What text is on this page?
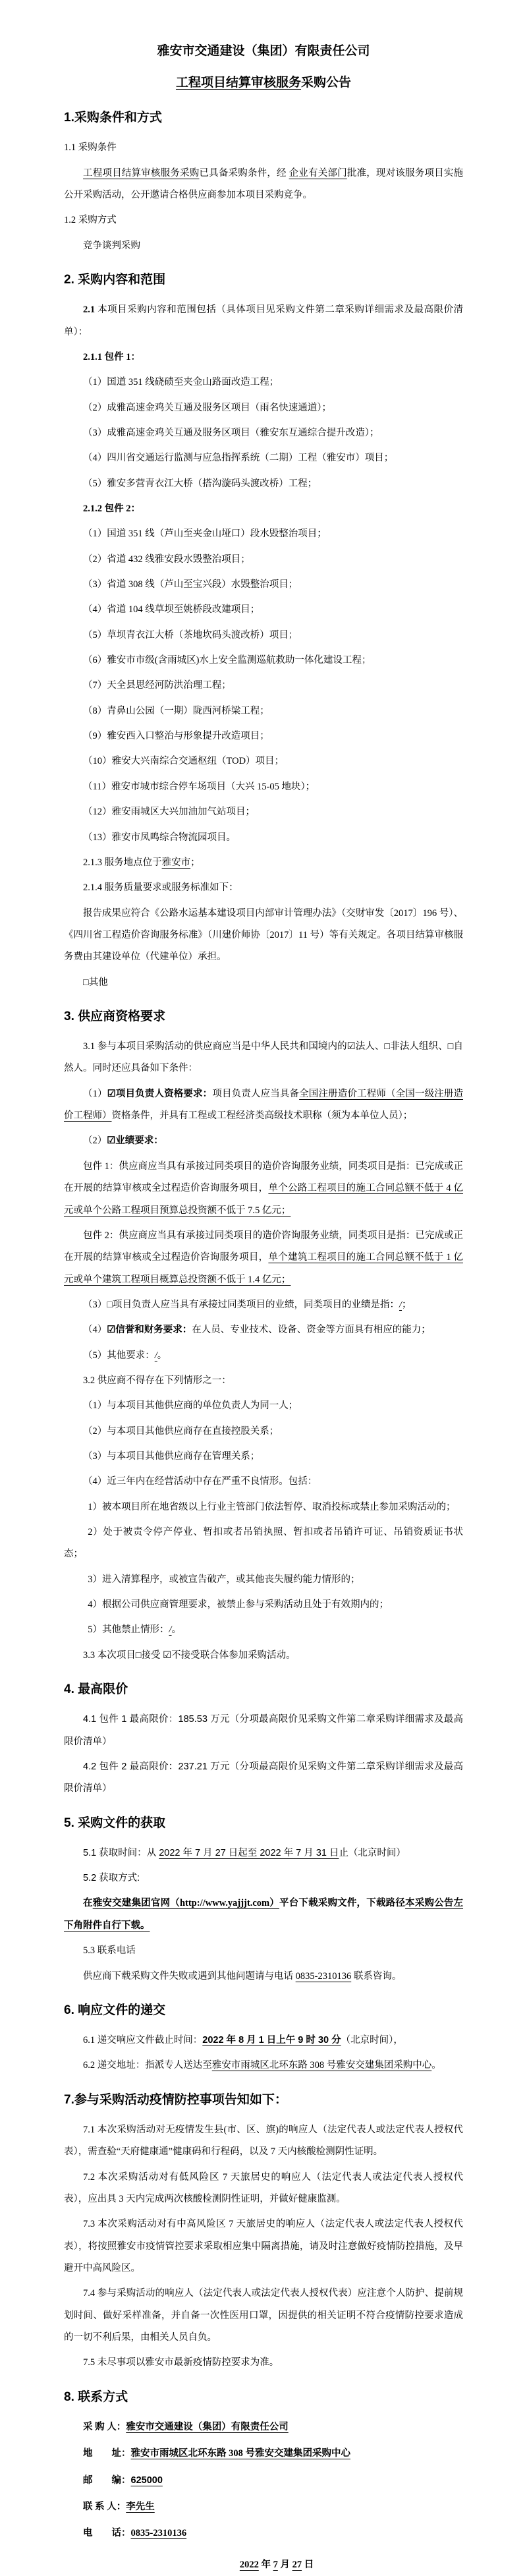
雅安市交通建设（集团）有限责任公司
工程项目结算审核服务采购公告
1.采购条件和方式

1.1 采购条件

工程项目结算审核服务采购已具备采购条件，经 企业有关部门批准，现对该服务项目实施公开采购活动，公开邀请合格供应商参加本项目采购竞争。

1.2 采购方式

竞争谈判采购

2. 采购内容和范围

2.1 本项目采购内容和范围包括（具体项目见采购文件第二章采购详细需求及最高限价清单）：

2.1.1 包件 1：

（1）国道 351 线硗碛至夹金山路面改造工程；

（2）成雅高速金鸡关互通及服务区项目（雨名快速通道）；

（3）成雅高速金鸡关互通及服务区项目（雅安东互通综合提升改造）；

（4）四川省交通运行监测与应急指挥系统（二期）工程（雅安市）项目；

（5）雅安多营青衣江大桥（搭沟漩码头渡改桥）工程；

2.1.2 包件 2：

（1）国道 351 线（芦山至夹金山垭口）段水毁整治项目；

（2）省道 432 线雅安段水毁整治项目；

（3）省道 308 线（芦山至宝兴段）水毁整治项目；

（4）省道 104 线草坝至姚桥段改建项目；

（5）草坝青衣江大桥（茶地坎码头渡改桥）项目；

（6）雅安市市级(含雨城区)水上安全监测巡航救助一体化建设工程；

（7）天全县思经河防洪治理工程；

（8）青鼻山公园（一期）陇西河桥梁工程；

（9）雅安西入口整治与形象提升改造项目；

（10）雅安大兴南综合交通枢纽（TOD）项目；

（11）雅安市城市综合停车场项目（大兴 15-05 地块）；

（12）雅安雨城区大兴加油加气站项目；

（13）雅安市凤鸣综合物流园项目。

2.1.3 服务地点位于雅安市；

2.1.4 服务质量要求或服务标准如下：

报告成果应符合《公路水运基本建设项目内部审计管理办法》（交财审发〔2017〕196 号）、《四川省工程造价咨询服务标准》（川建价师协〔2017〕11 号）等有关规定。各项目结算审核服务费由其建设单位（代建单位）承担。

□其他

3. 供应商资格要求

3.1 参与本项目采购活动的供应商应当是中华人民共和国境内的☑法人、□非法人组织、□自然人。同时还应具备如下条件：

（1）☑项目负责人资格要求：项目负责人应当具备全国注册造价工程师（全国一级注册造价工程师）资格条件，并具有工程或工程经济类高级技术职称（须为本单位人员）；

（2）☑业绩要求：

包件 1：供应商应当具有承接过同类项目的造价咨询服务业绩，同类项目是指：已完成或正在开展的结算审核或全过程造价咨询服务项目，单个公路工程项目的施工合同总额不低于 4 亿元或单个公路工程项目预算总投资额不低于 7.5 亿元；

包件 2：供应商应当具有承接过同类项目的造价咨询服务业绩，同类项目是指：已完成或正在开展的结算审核或全过程造价咨询服务项目，单个建筑工程项目的施工合同总额不低于 1 亿元或单个建筑工程项目概算总投资额不低于 1.4 亿元；

（3）□项目负责人应当具有承接过同类项目的业绩，同类项目的业绩是指：/；

（4）☑信誉和财务要求：在人员、专业技术、设备、资金等方面具有相应的能力；

（5）其他要求：/。

3.2 供应商不得存在下列情形之一：

（1）与本项目其他供应商的单位负责人为同一人；

（2）与本项目其他供应商存在直接控股关系；

（3）与本项目其他供应商存在管理关系；

（4）近三年内在经营活动中存在严重不良情形。包括：

1）被本项目所在地省级以上行业主管部门依法暂停、取消投标或禁止参加采购活动的；

2）处于被责令停产停业、暂扣或者吊销执照、暂扣或者吊销许可证、吊销资质证书状态；

3）进入清算程序，或被宣告破产，或其他丧失履约能力情形的；

4）根据公司供应商管理要求，被禁止参与采购活动且处于有效期内的；

5）其他禁止情形：/。

3.3 本次项目□接受 ☑不接受联合体参加采购活动。

4. 最高限价

4.1 包件 1 最高限价：185.53 万元（分项最高限价见采购文件第二章采购详细需求及最高限价清单）

4.2 包件 2 最高限价：237.21 万元（分项最高限价见采购文件第二章采购详细需求及最高限价清单）

5. 采购文件的获取

5.1 获取时间：从 2022 年 7 月 27 日起至 2022 年 7 月 31 日止（北京时间）

5.2 获取方式:

在雅安交建集团官网（http://www.yajjjt.com）平台下载采购文件，下载路径本采购公告左下角附件自行下载。

5.3 联系电话

供应商下载采购文件失败或遇到其他问题请与电话 0835-2310136 联系咨询。

6. 响应文件的递交

6.1 递交响应文件截止时间：2022 年 8 月 1 日上午 9 时 30 分（北京时间），

6.2 递交地址：指派专人送达至雅安市雨城区北环东路 308 号雅安交建集团采购中心。

7.参与采购活动疫情防控事项告知如下：

7.1 本次采购活动对无疫情发生县(市、区、旗)的响应人（法定代表人或法定代表人授权代表），需查验“天府健康通”健康码和行程码，以及 7 天内核酸检测阴性证明。

7.2 本次采购活动对有低风险区 7 天旅居史的响应人（法定代表人或法定代表人授权代表），应出具 3 天内完成两次核酸检测阴性证明，并做好健康监测。

7.3 本次采购活动对有中高风险区 7 天旅居史的响应人（法定代表人或法定代表人授权代表），将按照雅安市疫情管控要求采取相应集中隔离措施，请及时注意做好疫情防控措施，及早避开中高风险区。

7.4 参与采购活动的响应人（法定代表人或法定代表人授权代表）应注意个人防护、提前规划时间、做好采样准备，并自备一次性医用口罩，因提供的相关证明不符合疫情防控要求造成的一切不利后果，由相关人员自负。

7.5 未尽事项以雅安市最新疫情防控要求为准。

8. 联系方式

采 购 人：雅安市交通建设（集团）有限责任公司

地　　址：雅安市雨城区北环东路 308 号雅安交建集团采购中心

邮　　编：625000

联 系 人：李先生

电　　话：0835-2310136

2022 年 7 月 27 日
